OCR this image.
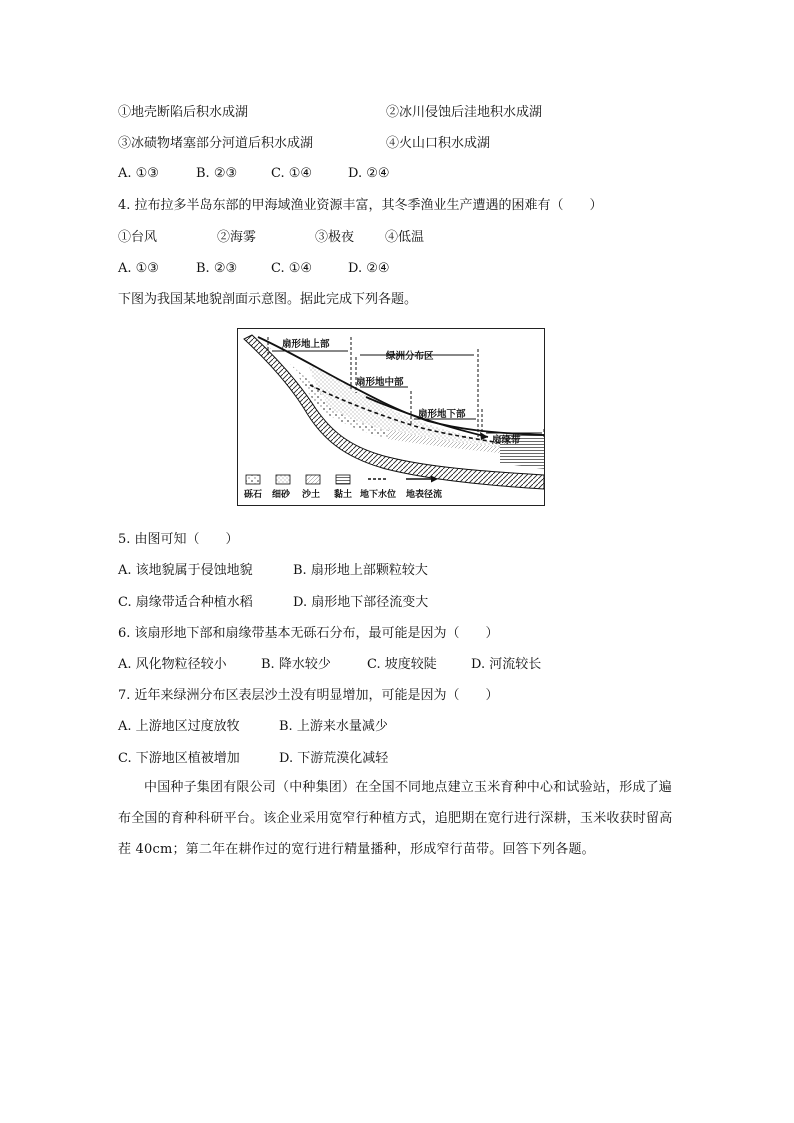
①地壳断陷后积水成湖	②冰川侵蚀后洼地积水成湖
③冰碛物堵塞部分河道后积水成湖	④火山口积水成湖
A. ①③	B. ②③	C. ①④	D. ②④
4. 拉布拉多半岛东部的甲海域渔业资源丰富，其冬季渔业生产遭遇的困难有（　　）
①台风	②海雾	③极夜 ④低温
A. ①③	B. ②③	C. ①④	D. ②④
下图为我国某地貌剖面示意图。据此完成下列各题。
扇形地上部
绿洲分布区
扇形地中部
扇形地下部
扇缘带
砾石 细砂 沙土 黏土 地下水位 地表径流
5. 由图可知（　　）
A. 该地貌属于侵蚀地貌	B. 扇形地上部颗粒较大
C. 扇缘带适合种植水稻	D. 扇形地下部径流变大
6. 该扇形地下部和扇缘带基本无砾石分布，最可能是因为（　　）
A. 风化物粒径较小	B. 降水较少	C. 坡度较陡	D. 河流较长
7. 近年来绿洲分布区表层沙土没有明显增加，可能是因为（　　）
A. 上游地区过度放牧	B. 上游来水量减少
C. 下游地区植被增加	D. 下游荒漠化减轻
中国种子集团有限公司（中种集团）在全国不同地点建立玉米育种中心和试验站，形成了遍布全国的育种科研平台。该企业采用宽窄行种植方式，追肥期在宽行进行深耕，玉米收获时留高茬 40cm；第二年在耕作过的宽行进行精量播种，形成窄行苗带。回答下列各题。
